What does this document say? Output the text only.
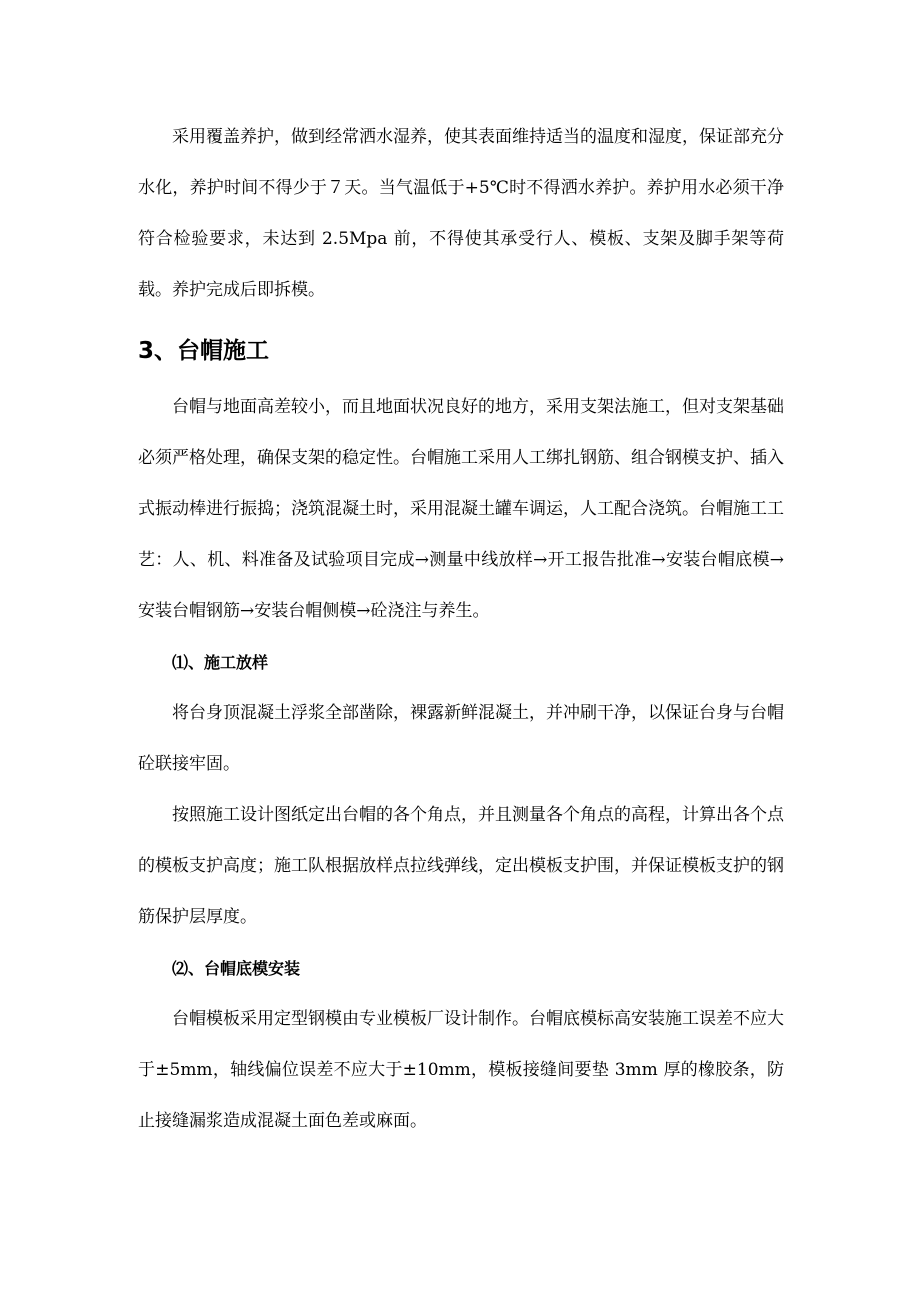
采用覆盖养护，做到经常洒水湿养，使其表面维持适当的温度和湿度，保证部充分水化，养护时间不得少于７天。当气温低于+5℃时不得洒水养护。养护用水必须干净符合检验要求，未达到 2.5Mpa 前，不得使其承受行人、模板、支架及脚手架等荷载。养护完成后即拆模。

3、台帽施工

台帽与地面高差较小，而且地面状况良好的地方，采用支架法施工，但对支架基础必须严格处理，确保支架的稳定性。台帽施工采用人工绑扎钢筋、组合钢模支护、插入式振动棒进行振捣；浇筑混凝土时，采用混凝土罐车调运，人工配合浇筑。台帽施工工艺：人、机、料准备及试验项目完成→测量中线放样→开工报告批准→安装台帽底模→安装台帽钢筋→安装台帽侧模→砼浇注与养生。

⑴、施工放样

将台身顶混凝土浮浆全部凿除，裸露新鲜混凝土，并冲刷干净，以保证台身与台帽砼联接牢固。

按照施工设计图纸定出台帽的各个角点，并且测量各个角点的高程，计算出各个点的模板支护高度；施工队根据放样点拉线弹线，定出模板支护围，并保证模板支护的钢筋保护层厚度。

⑵、台帽底模安装

台帽模板采用定型钢模由专业模板厂设计制作。台帽底模标高安装施工误差不应大于±5mm，轴线偏位误差不应大于±10mm，模板接缝间要垫 3mm 厚的橡胶条，防止接缝漏浆造成混凝土面色差或麻面。
